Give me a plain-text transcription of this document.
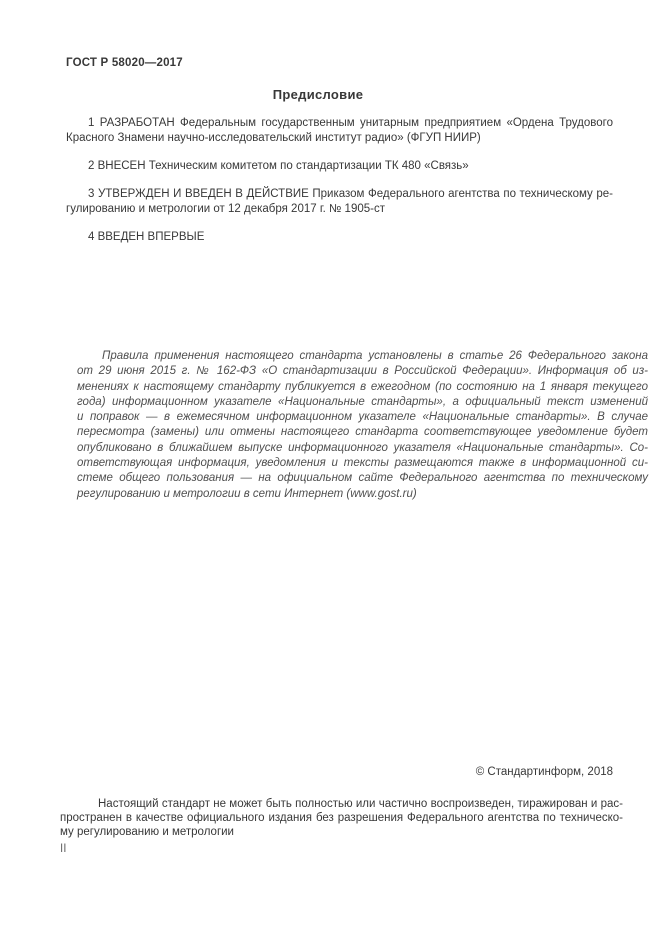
ГОСТ Р 58020—2017
Предисловие
1 РАЗРАБОТАН Федеральным государственным унитарным предприятием «Ордена Трудового
Красного Знамени научно-исследовательский институт радио» (ФГУП НИИР)
2 ВНЕСЕН Техническим комитетом по стандартизации ТК 480 «Связь»
3 УТВЕРЖДЕН И ВВЕДЕН В ДЕЙСТВИЕ Приказом Федерального агентства по техническому ре-
гулированию и метрологии от 12 декабря 2017 г. № 1905-ст
4 ВВЕДЕН ВПЕРВЫЕ
Правила применения настоящего стандарта установлены в статье 26 Федерального закона
от 29 июня 2015 г. № 162-ФЗ «О стандартизации в Российской Федерации». Информация об из-
менениях к настоящему стандарту публикуется в ежегодном (по состоянию на 1 января текущего
года) информационном указателе «Национальные стандарты», а официальный текст изменений
и поправок — в ежемесячном информационном указателе «Национальные стандарты». В случае
пересмотра (замены) или отмены настоящего стандарта соответствующее уведомление будет
опубликовано в ближайшем выпуске информационного указателя «Национальные стандарты». Со-
ответствующая информация, уведомления и тексты размещаются также в информационной си-
стеме общего пользования — на официальном сайте Федерального агентства по техническому
регулированию и метрологии в сети Интернет (www.gost.ru)
© Стандартинформ, 2018
Настоящий стандарт не может быть полностью или частично воспроизведен, тиражирован и рас-
пространен в качестве официального издания без разрешения Федерального агентства по техническо-
му регулированию и метрологии
II
